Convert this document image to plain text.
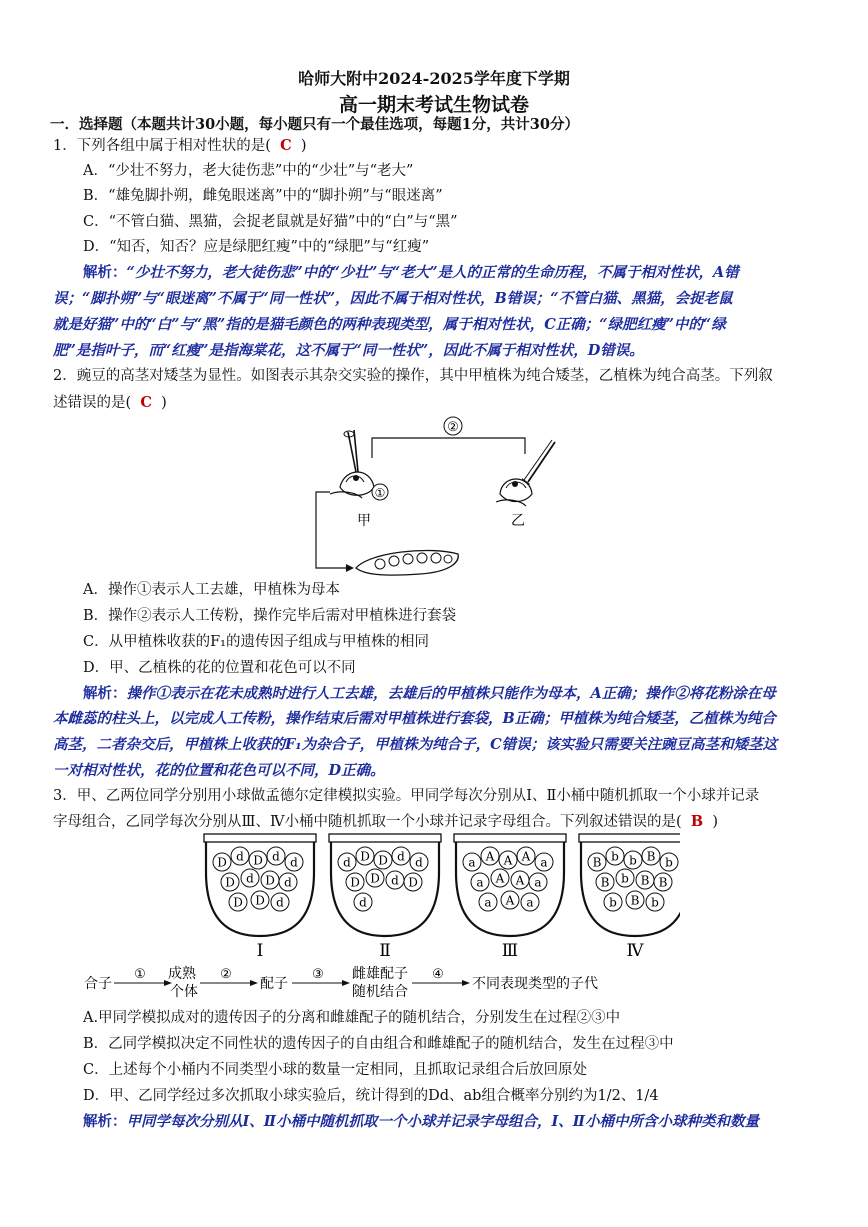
哈师大附中2024-2025学年度下学期
高一期末考试生物试卷
一．选择题（本题共计30小题，每小题只有一个最佳选项，每题1分，共计30分）
1．下列各组中属于相对性状的是( C )
A．“少壮不努力，老大徒伤悲”中的“少壮”与“老大”
B．“雄兔脚扑朔，雌兔眼迷离”中的“脚扑朔”与“眼迷离”
C．“不管白猫、黑猫，会捉老鼠就是好猫”中的“白”与“黑”
D．“知否，知否？应是绿肥红瘦”中的“绿肥”与“红瘦”
解析：“少壮不努力，老大徒伤悲”中的“少壮”与“老大”是人的正常的生命历程，不属于相对性状，A错
误；“脚扑朔”与“眼迷离”不属于“同一性状”，因此不属于相对性状，B错误；“不管白猫、黑猫，会捉老鼠
就是好猫”中的“白”与“黑”指的是猫毛颜色的两种表现类型，属于相对性状，C正确；“绿肥红瘦”中的“绿
肥”是指叶子，而“红瘦”是指海棠花，这不属于“同一性状”，因此不属于相对性状，D错误。
2．豌豆的高茎对矮茎为显性。如图表示其杂交实验的操作，其中甲植株为纯合矮茎，乙植株为纯合高茎。下列叙
述错误的是( C )
②
①
甲	乙
A．操作①表示人工去雄，甲植株为母本
B．操作②表示人工传粉，操作完毕后需对甲植株进行套袋
C．从甲植株收获的F₁的遗传因子组成与甲植株的相同
D．甲、乙植株的花的位置和花色可以不同
解析：操作①表示在花未成熟时进行人工去雄，去雄后的甲植株只能作为母本，A正确；操作②将花粉涂在母
本雌蕊的柱头上，以完成人工传粉，操作结束后需对甲植株进行套袋，B正确；甲植株为纯合矮茎，乙植株为纯合
高茎，二者杂交后，甲植株上收获的F₁为杂合子，甲植株为纯合子，C错误；该实验只需要关注豌豆高茎和矮茎这
一对相对性状，花的位置和花色可以不同，D正确。
3．甲、乙两位同学分别用小球做孟德尔定律模拟实验。甲同学每次分别从Ⅰ、Ⅱ小桶中随机抓取一个小球并记录
字母组合，乙同学每次分别从Ⅲ、Ⅳ小桶中随机抓取一个小球并记录字母组合。下列叙述错误的是( B )
D d D d d
D d D d
D D d
Ⅰ
d D D d d
D D d D
d
Ⅱ
a A A A a
a A A a
a A a
Ⅲ
B b b B b
B b B B
b B b
Ⅳ
合子
① 成熟
个体
②
配子
③ 雌雄配子
随机结合
④
不同表现类型的子代
A.甲同学模拟成对的遗传因子的分离和雌雄配子的随机结合，分别发生在过程②③中
B．乙同学模拟决定不同性状的遗传因子的自由组合和雌雄配子的随机结合，发生在过程③中
C．上述每个小桶内不同类型小球的数量一定相同，且抓取记录组合后放回原处
D．甲、乙同学经过多次抓取小球实验后，统计得到的Dd、ab组合概率分别约为1/2、1/4
解析：甲同学每次分别从Ⅰ、Ⅱ小桶中随机抓取一个小球并记录字母组合，Ⅰ、Ⅱ小桶中所含小球种类和数量
